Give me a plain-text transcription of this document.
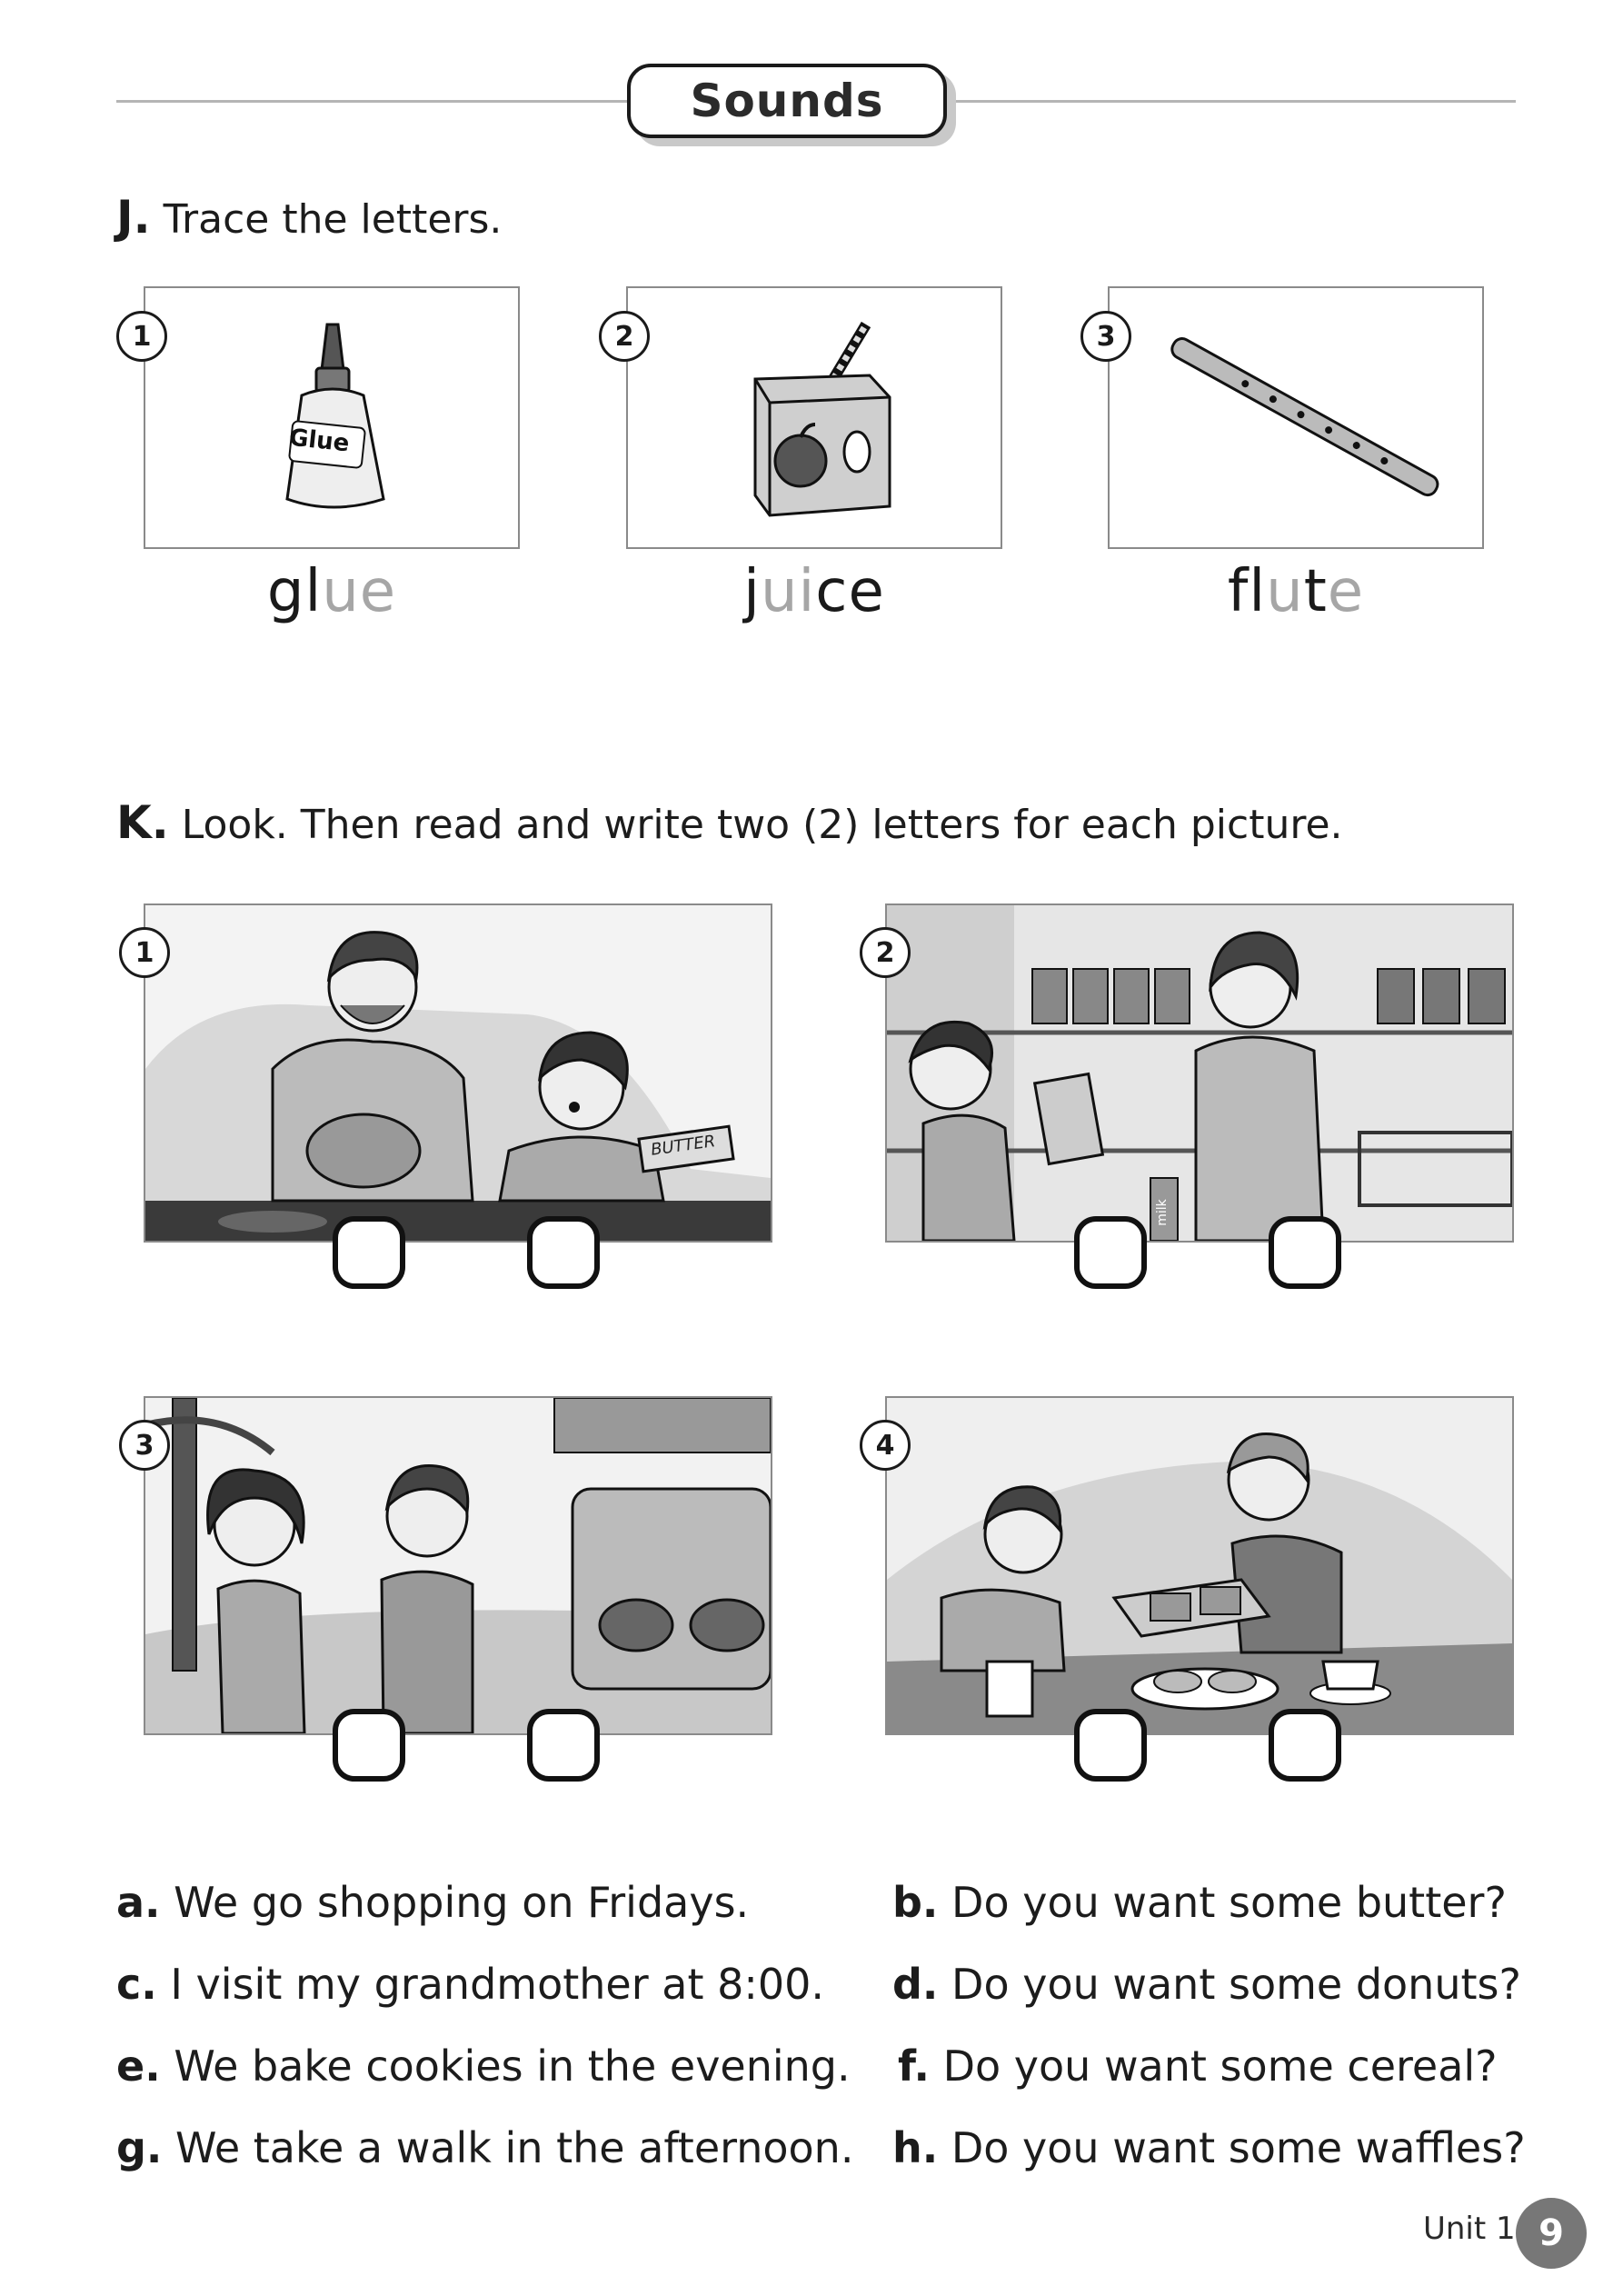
Sounds
J. Trace the letters.
Glue
1
glue
2
juice
3
flute
K. Look. Then read and write two (2) letters for each picture.
BUTTER
1
milk
2
3	4
a. We go shopping on Fridays.	b. Do you want some butter?
c. I visit my grandmother at 8:00. d. Do you want some donuts?
e. We bake cookies in the evening. f. Do you want some cereal?
g. We take a walk in the afternoon. h. Do you want some waffles?
Unit 1 9
